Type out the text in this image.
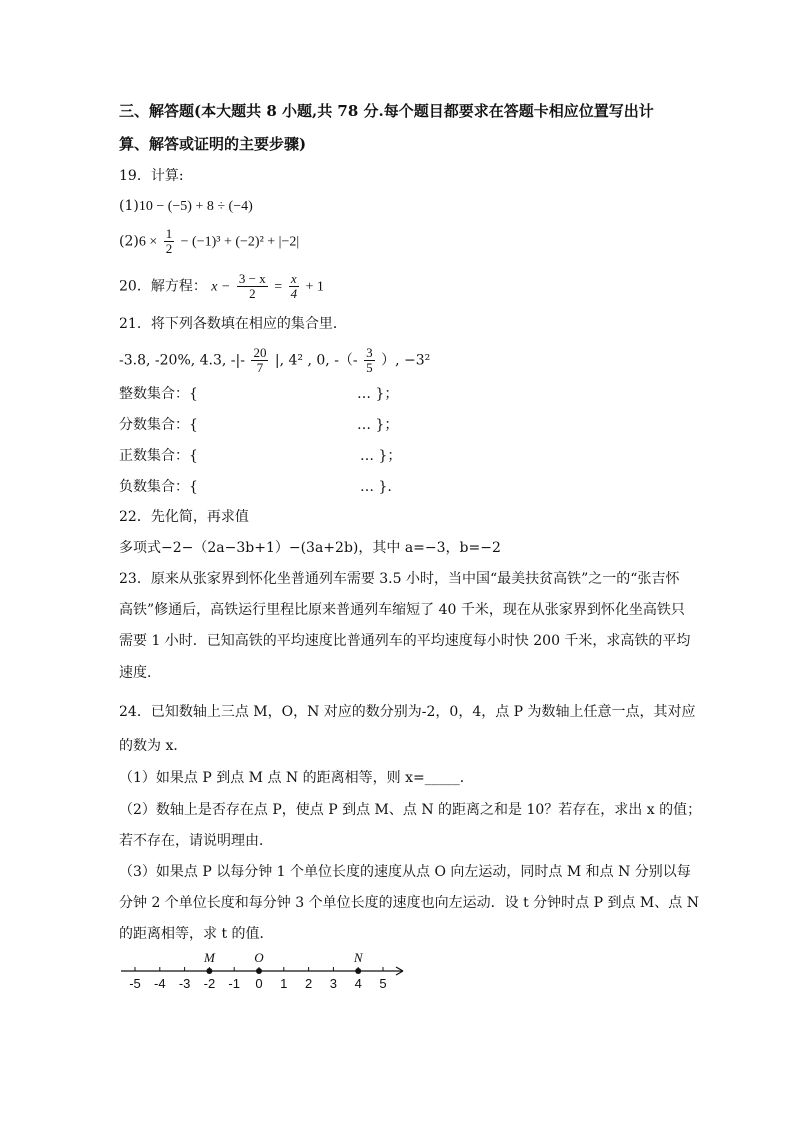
三、解答题(本大题共 8 小题,共 78 分.每个题目都要求在答题卡相应位置写出计
算、解答或证明的主要步骤)
19．计算:
(1)10 − (−5) + 8 ÷ (−4)
$(2)6 \times \frac{1}{2} - (-1)^3 + (-2)^2 + |-2|$
20．解方程： $x - \frac{3 - x}{2} = \frac{x}{4} + 1$
21．将下列各数填在相应的集合里．
-3.8, -20%, 4.3, -|- $\frac{20}{7}$ |, 4² , 0, -（- $\frac{3}{5}$ ）, −3²
整数集合：{	… }；
分数集合：{	… }；
正数集合：{	… }；
负数集合：{	… }.
22．先化简，再求值
多项式−2−（2a−3b+1）−(3a+2b)，其中 a=−3，b=−2
23．原来从张家界到怀化坐普通列车需要 3.5 小时，当中国“最美扶贫高铁”之一的“张吉怀
高铁”修通后，高铁运行里程比原来普通列车缩短了 40 千米，现在从张家界到怀化坐高铁只
需要 1 小时．已知高铁的平均速度比普通列车的平均速度每小时快 200 千米，求高铁的平均
速度．
24．已知数轴上三点 M，O，N 对应的数分别为-2，0，4，点 P 为数轴上任意一点，其对应
的数为 x．
（1）如果点 P 到点 M 点 N 的距离相等，则 x=_____．
（2）数轴上是否存在点 P，使点 P 到点 M、点 N 的距离之和是 10？若存在，求出 x 的值；
若不存在，请说明理由．
（3）如果点 P 以每分钟 1 个单位长度的速度从点 O 向左运动，同时点 M 和点 N 分别以每
分钟 2 个单位长度和每分钟 3 个单位长度的速度也向左运动．设 t 分钟时点 P 到点 M、点 N
的距离相等，求 t 的值．
-5 -4 -3 -2 -1 0 1 2 3 4 5
M	O	N
